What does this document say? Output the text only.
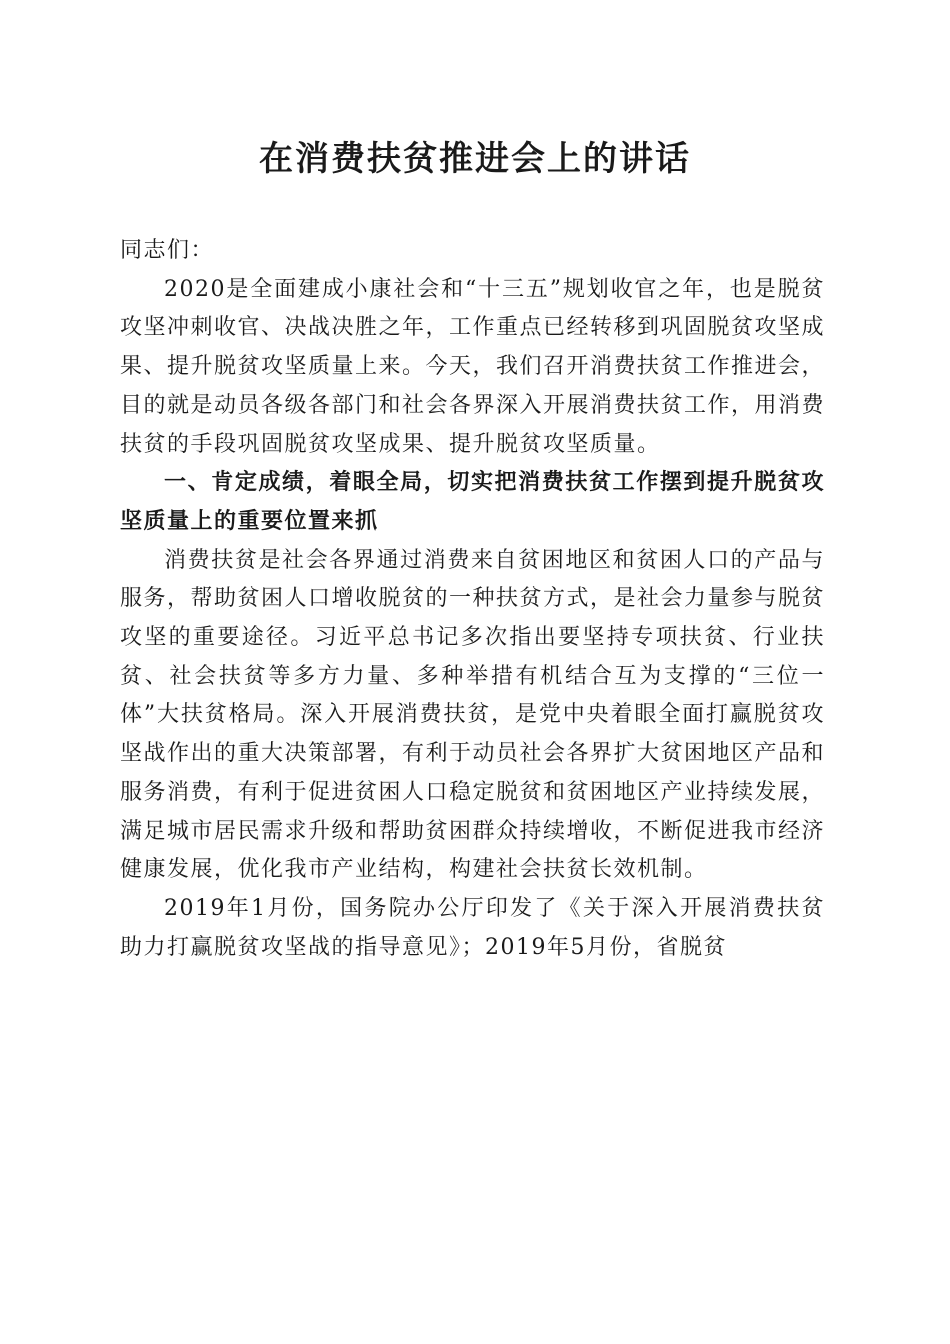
在消费扶贫推进会上的讲话

同志们：

2020是全面建成小康社会和“十三五”规划收官之年，也是脱贫攻坚冲刺收官、决战决胜之年，工作重点已经转移到巩固脱贫攻坚成果、提升脱贫攻坚质量上来。今天，我们召开消费扶贫工作推进会，目的就是动员各级各部门和社会各界深入开展消费扶贫工作，用消费扶贫的手段巩固脱贫攻坚成果、提升脱贫攻坚质量。

一、肯定成绩，着眼全局，切实把消费扶贫工作摆到提升脱贫攻坚质量上的重要位置来抓

消费扶贫是社会各界通过消费来自贫困地区和贫困人口的产品与服务，帮助贫困人口增收脱贫的一种扶贫方式，是社会力量参与脱贫攻坚的重要途径。习近平总书记多次指出要坚持专项扶贫、行业扶贫、社会扶贫等多方力量、多种举措有机结合互为支撑的“三位一体”大扶贫格局。深入开展消费扶贫，是党中央着眼全面打赢脱贫攻坚战作出的重大决策部署，有利于动员社会各界扩大贫困地区产品和服务消费，有利于促进贫困人口稳定脱贫和贫困地区产业持续发展，满足城市居民需求升级和帮助贫困群众持续增收，不断促进我市经济健康发展，优化我市产业结构，构建社会扶贫长效机制。

2019年1月份，国务院办公厅印发了《关于深入开展消费扶贫助力打赢脱贫攻坚战的指导意见》；2019年5月份，省脱贫
